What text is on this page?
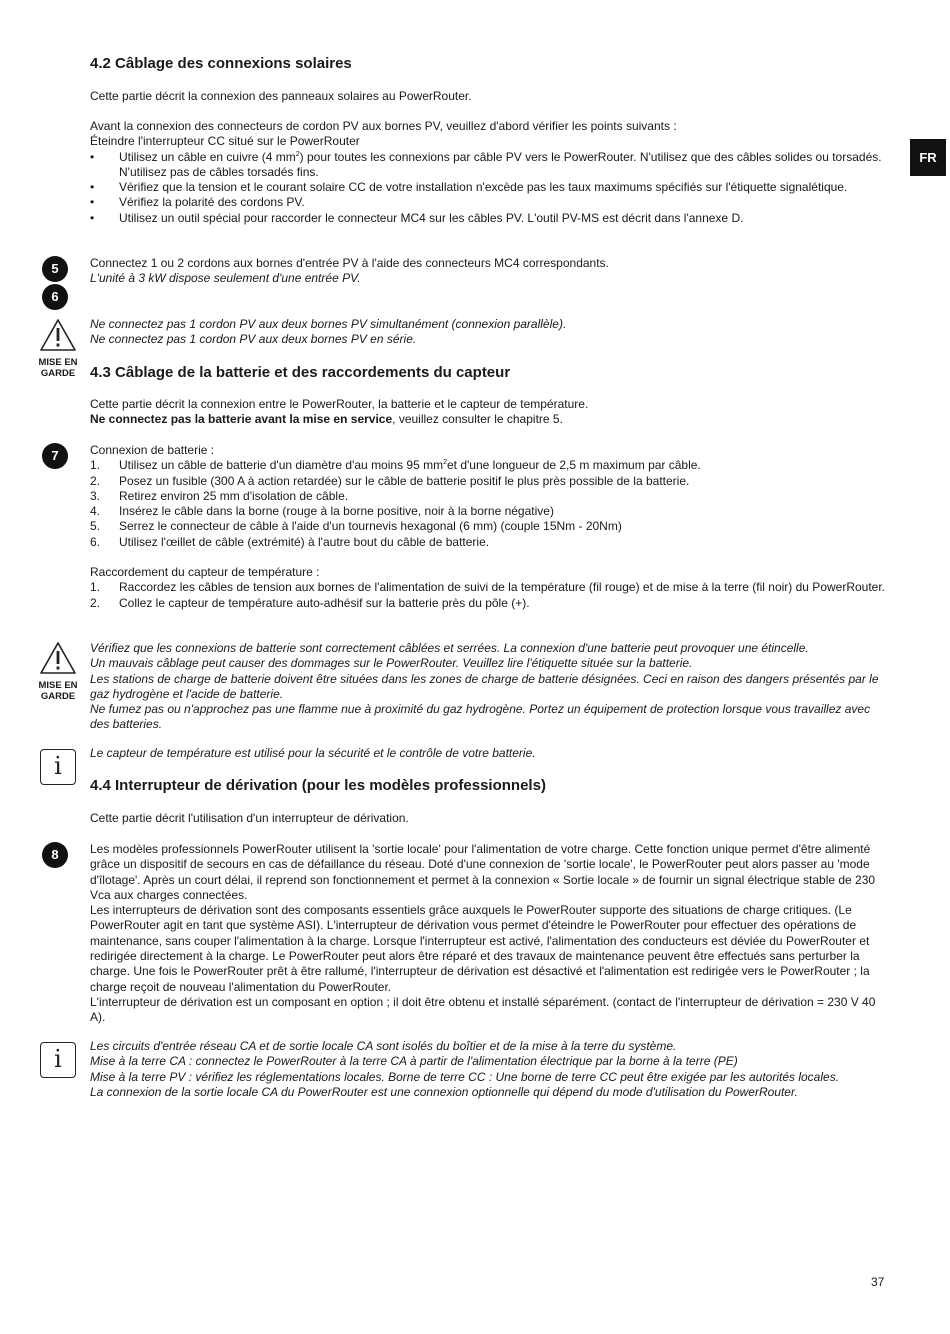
FR
4.2 Câblage des connexions solaires
Cette partie décrit la connexion des panneaux solaires au PowerRouter.
Avant la connexion des connecteurs de cordon PV aux bornes PV, veuillez d'abord vérifier les points suivants :
Éteindre l'interrupteur CC situé sur le PowerRouter
• Utilisez un câble en cuivre (4 $mm^2$) pour toutes les connexions par câble PV vers le PowerRouter. N'utilisez que des câbles solides ou torsadés. N'utilisez pas de câbles torsadés fins.
• Vérifiez que la tension et le courant solaire CC de votre installation n'excède pas les taux maximums spécifiés sur l'étiquette signalétique.
• Vérifiez la polarité des cordons PV.
• Utilisez un outil spécial pour raccorder le connecteur MC4 sur les câbles PV. L'outil PV-MS est décrit dans l'annexe D.
5
6
Connectez 1 ou 2 cordons aux bornes d'entrée PV à l'aide des connecteurs MC4 correspondants.
L'unité à 3 kW dispose seulement d'une entrée PV.
MISE EN
GARDE
Ne connectez pas 1 cordon PV aux deux bornes PV simultanément (connexion parallèle).
Ne connectez pas 1 cordon PV aux deux bornes PV en série.
4.3 Câblage de la batterie et des raccordements du capteur
Cette partie décrit la connexion entre le PowerRouter, la batterie et le capteur de température.
Ne connectez pas la batterie avant la mise en service, veuillez consulter le chapitre 5.
7	Connexion de batterie :
1. Utilisez un câble de batterie d'un diamètre d'au moins 95 $mm^2et$ d'une longueur de 2,5 m maximum par câble.
2. Posez un fusible (300 A à action retardée) sur le câble de batterie positif le plus près possible de la batterie.
3. Retirez environ 25 mm d'isolation de câble.
4. Insérez le câble dans la borne (rouge à la borne positive, noir à la borne négative)
5. Serrez le connecteur de câble à l'aide d'un tournevis hexagonal (6 mm) (couple 15Nm - 20Nm)
6. Utilisez l'œillet de câble (extrémité) à l'autre bout du câble de batterie.
Raccordement du capteur de température :
1. Raccordez les câbles de tension aux bornes de l'alimentation de suivi de la température (fil rouge) et de mise à la terre (fil noir) du PowerRouter.
2. Collez le capteur de température auto-adhésif sur la batterie près du pôle (+).
MISE EN
GARDE
Vérifiez que les connexions de batterie sont correctement câblées et serrées. La connexion d'une batterie peut provoquer une étincelle.
Un mauvais câblage peut causer des dommages sur le PowerRouter. Veuillez lire l'étiquette située sur la batterie.
Les stations de charge de batterie doivent être situées dans les zones de charge de batterie désignées. Ceci en raison des dangers présentés par le gaz hydrogène et l'acide de batterie.
Ne fumez pas ou n'approchez pas une flamme nue à proximité du gaz hydrogène. Portez un équipement de protection lorsque vous travaillez avec des batteries.
i	Le capteur de température est utilisé pour la sécurité et le contrôle de votre batterie.
4.4 Interrupteur de dérivation (pour les modèles professionnels)
Cette partie décrit l'utilisation d'un interrupteur de dérivation.
8	Les modèles professionnels PowerRouter utilisent la 'sortie locale' pour l'alimentation de votre charge. Cette fonction unique permet d'être alimenté grâce un dispositif de secours en cas de défaillance du réseau. Doté d'une connexion de 'sortie locale', le PowerRouter peut alors passer au 'mode d'îlotage'. Après un court délai, il reprend son fonctionnement et permet à la connexion « Sortie locale » de fournir un signal électrique stable de 230 Vca aux charges connectées.
Les interrupteurs de dérivation sont des composants essentiels grâce auxquels le PowerRouter supporte des situations de charge critiques. (Le PowerRouter agit en tant que système ASI). L'interrupteur de dérivation vous permet d'éteindre le PowerRouter pour effectuer des opérations de maintenance, sans couper l'alimentation à la charge. Lorsque l'interrupteur est activé, l'alimentation des conducteurs est déviée du PowerRouter et redirigée directement à la charge. Le PowerRouter peut alors être réparé et des travaux de maintenance peuvent être effectués sans perturber la charge. Une fois le PowerRouter prêt à être rallumé, l'interrupteur de dérivation est désactivé et l'alimentation est redirigée vers le PowerRouter ; la charge reçoit de nouveau l'alimentation du PowerRouter.
L'interrupteur de dérivation est un composant en option ; il doit être obtenu et installé séparément. (contact de l'interrupteur de dérivation = 230 V 40 A).
i	Les circuits d'entrée réseau CA et de sortie locale CA sont isolés du boîtier et de la mise à la terre du système.
Mise à la terre CA : connectez le PowerRouter à la terre CA à partir de l'alimentation électrique par la borne à la terre (PE)
Mise à la terre PV : vérifiez les réglementations locales. Borne de terre CC : Une borne de terre CC peut être exigée par les autorités locales.
La connexion de la sortie locale CA du PowerRouter est une connexion optionnelle qui dépend du mode d'utilisation du PowerRouter.
37
